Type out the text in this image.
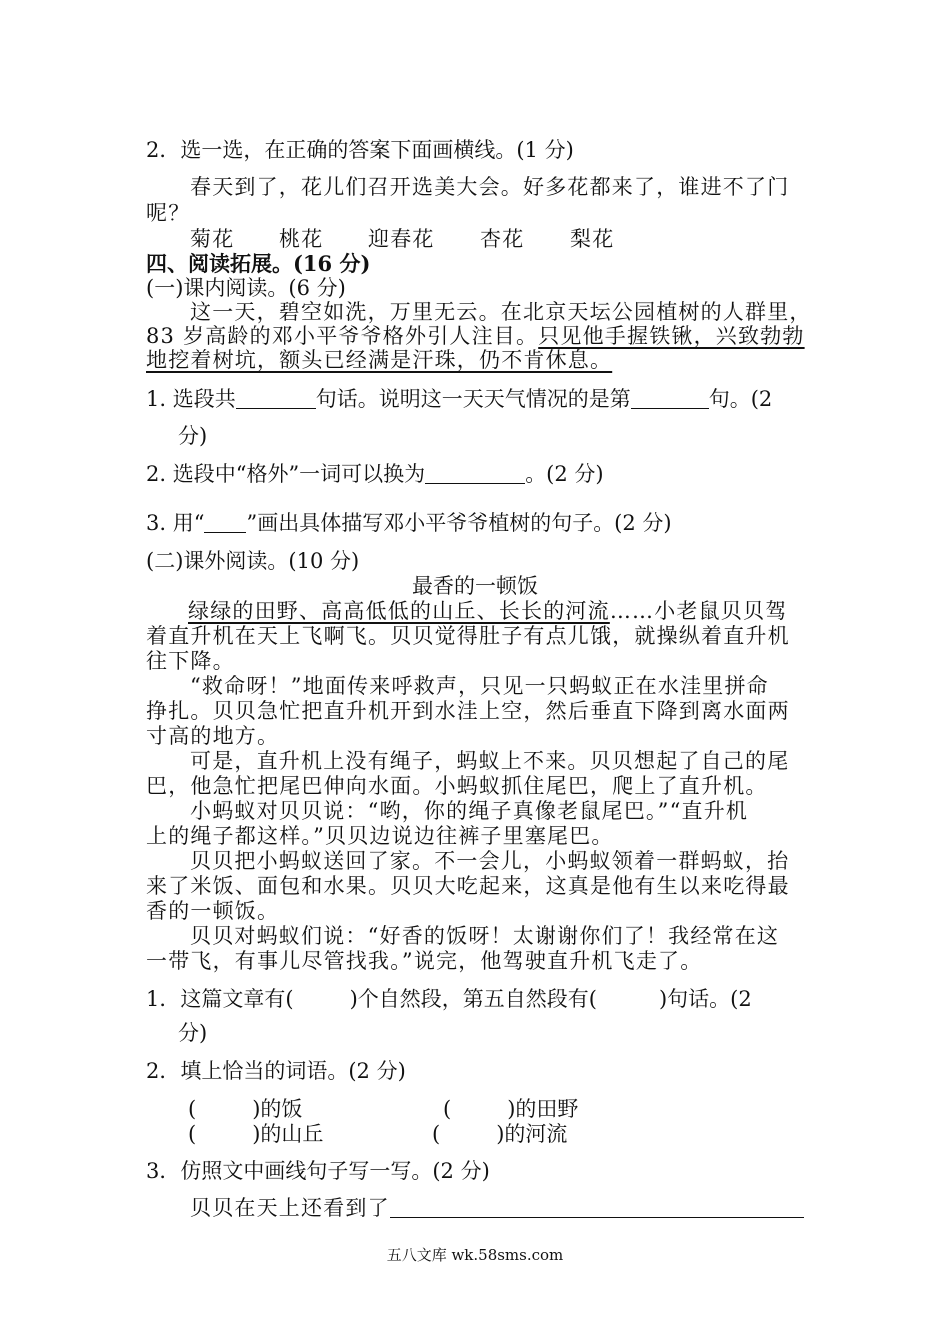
2．选一选，在正确的答案下面画横线。(1 分)
春天到了，花儿们召开选美大会。好多花都来了，谁进不了门
呢？
菊花 桃花 迎春花 杏花 梨花
四、阅读拓展。(16 分)
(一)课内阅读。(6 分)
这一天，碧空如洗，万里无云。在北京天坛公园植树的人群里，
83 岁高龄的邓小平爷爷格外引人注目。只见他手握铁锹，兴致勃勃
地挖着树坑，额头已经满是汗珠，仍不肯休息。
1. 选段共	句话。说明这一天天气情况的是第	句。(2
分)
2. 选段中“格外”一词可以换为	。(2 分)
3. 用“ ”画出具体描写邓小平爷爷植树的句子。(2 分)
(二)课外阅读。(10 分)
最香的一顿饭
绿绿的田野、高高低低的山丘、长长的河流……小老鼠贝贝驾
着直升机在天上飞啊飞。贝贝觉得肚子有点儿饿，就操纵着直升机
往下降。
“救命呀！”地面传来呼救声，只见一只蚂蚁正在水洼里拼命
挣扎。贝贝急忙把直升机开到水洼上空，然后垂直下降到离水面两
寸高的地方。
可是，直升机上没有绳子，蚂蚁上不来。贝贝想起了自己的尾
巴，他急忙把尾巴伸向水面。小蚂蚁抓住尾巴，爬上了直升机。
小蚂蚁对贝贝说：“哟，你的绳子真像老鼠尾巴。”“直升机
上的绳子都这样。”贝贝边说边往裤子里塞尾巴。
贝贝把小蚂蚁送回了家。不一会儿，小蚂蚁领着一群蚂蚁，抬
来了米饭、面包和水果。贝贝大吃起来，这真是他有生以来吃得最
香的一顿饭。
贝贝对蚂蚁们说：“好香的饭呀！太谢谢你们了！我经常在这
一带飞，有事儿尽管找我。”说完，他驾驶直升机飞走了。
1．这篇文章有(	)个自然段，第五自然段有(	)句话。(2
分)
2．填上恰当的词语。(2 分)
(	)的饭	(	)的田野
(	)的山丘	(	)的河流
3．仿照文中画线句子写一写。(2 分)
贝贝在天上还看到了
五八文库 wk.58sms.com
